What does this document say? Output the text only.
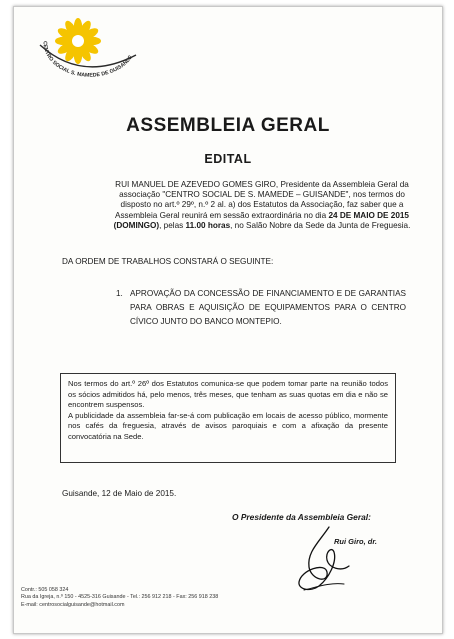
CENTRO SOCIAL S. MAMEDE DE GUISANDE
ASSEMBLEIA GERAL
EDITAL
RUI MANUEL DE AZEVEDO GOMES GIRO, Presidente da Assembleia Geral da associação "CENTRO SOCIAL DE S. MAMEDE – GUISANDE", nos termos do disposto no art.º 29º, n.º 2 al. a) dos Estatutos da Associação, faz saber que a Assembleia Geral reunirá em sessão extraordinária no dia 24 DE MAIO DE 2015 (DOMINGO), pelas 11.00 horas, no Salão Nobre da Sede da Junta de Freguesia.
DA ORDEM DE TRABALHOS CONSTARÁ O SEGUINTE:
1. APROVAÇÃO DA CONCESSÃO DE FINANCIAMENTO E DE GARANTIAS PARA OBRAS E AQUISIÇÃO DE EQUIPAMENTOS PARA O CENTRO CÍVICO JUNTO DO BANCO MONTEPIO.

Nos termos do art.º 26º dos Estatutos comunica-se que podem tomar parte na reunião todos os sócios admitidos há, pelo menos, três meses, que tenham as suas quotas em dia e não se encontrem suspensos.

A publicidade da assembleia far-se-á com publicação em locais de acesso público, mormente nos cafés da freguesia, através de avisos paroquiais e com a afixação da presente convocatória na Sede.

Guisande, 12 de Maio de 2015.
O Presidente da Assembleia Geral:
Rui Giro, dr.
Contr.: 505 058 324
Rua da Igreja, n.º 150 - 4525-316 Guisande - Tel.: 256 912 218 - Fax: 256 918 238
E-mail: centrosocialguisande@hotmail.com
